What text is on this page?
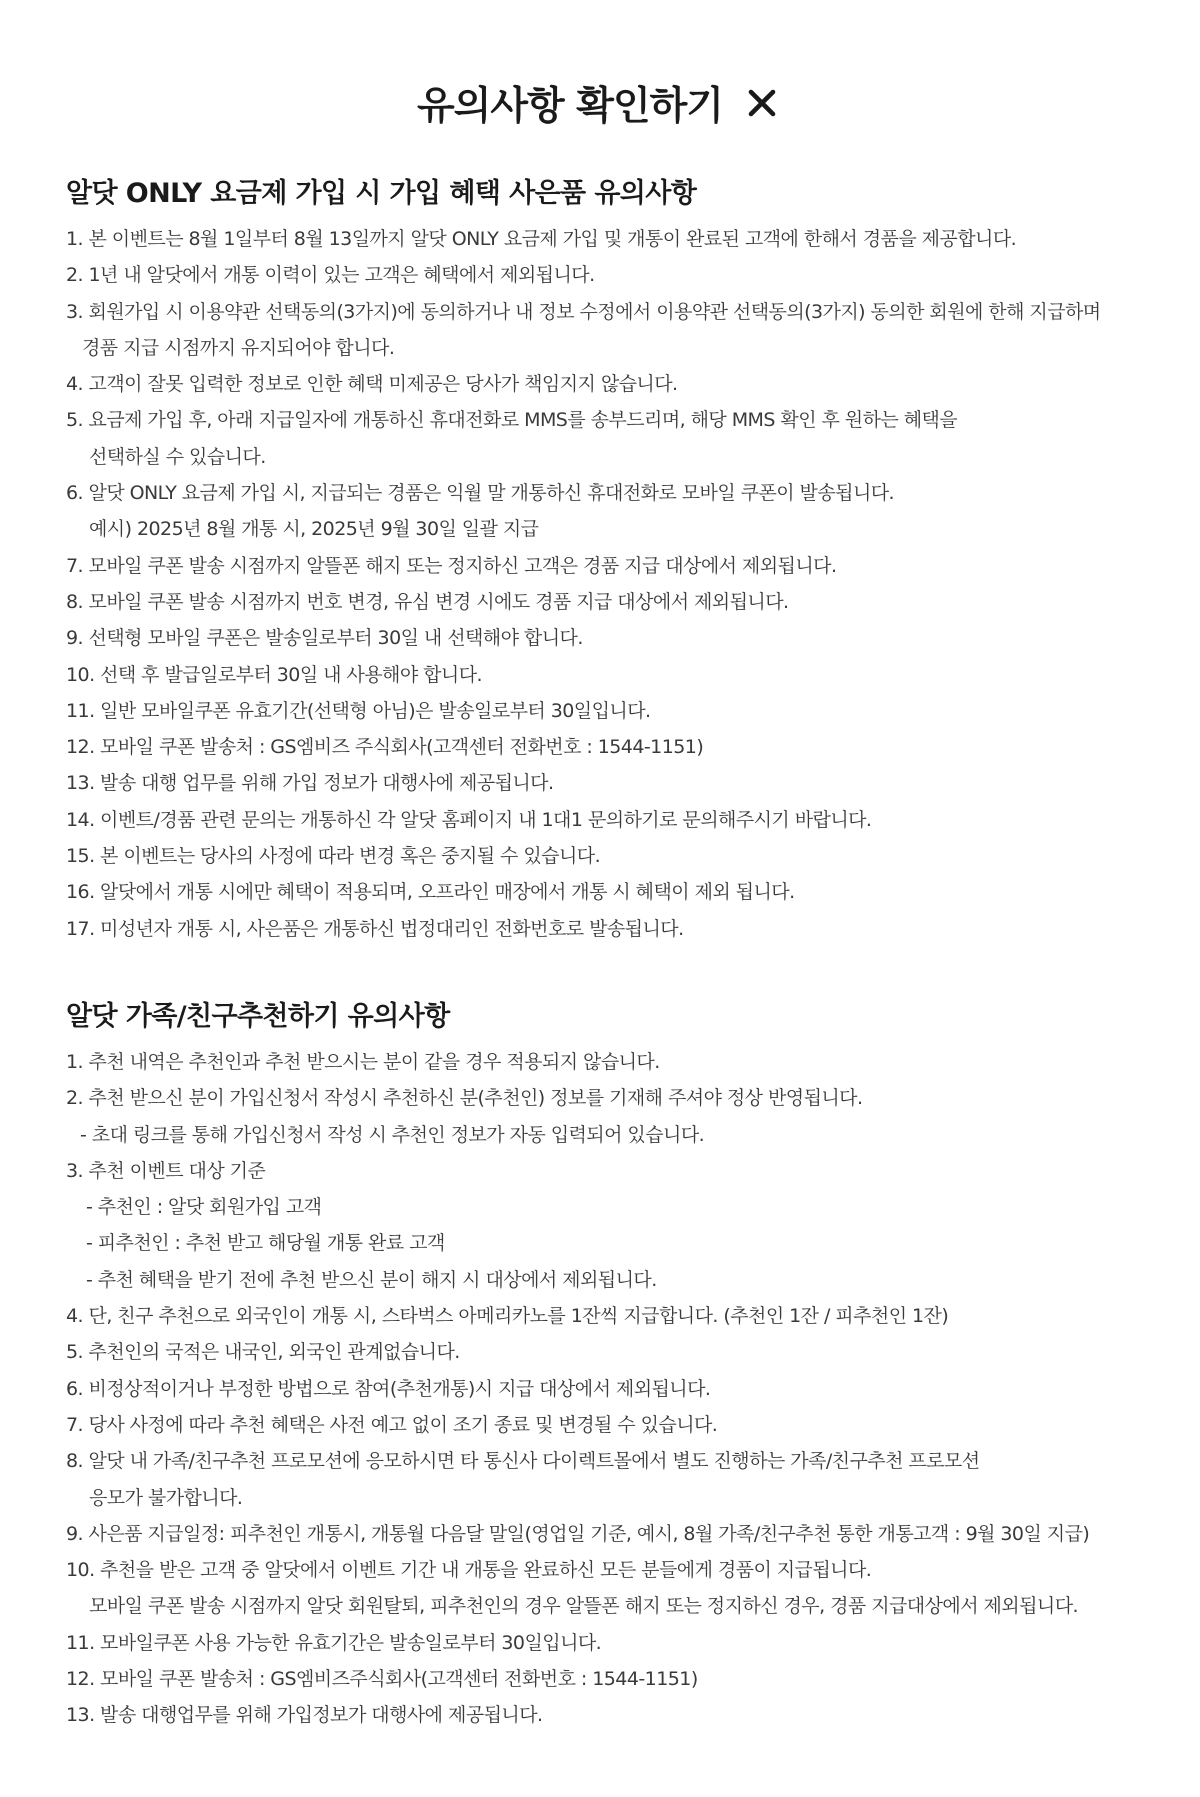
유의사항 확인하기
알닷 ONLY 요금제 가입 시 가입 혜택 사은품 유의사항
1. 본 이벤트는 8월 1일부터 8월 13일까지 알닷 ONLY 요금제 가입 및 개통이 완료된 고객에 한해서 경품을 제공합니다.
2. 1년 내 알닷에서 개통 이력이 있는 고객은 혜택에서 제외됩니다.
3. 회원가입 시 이용약관 선택동의(3가지)에 동의하거나 내 정보 수정에서 이용약관 선택동의(3가지) 동의한 회원에 한해 지급하며
경품 지급 시점까지 유지되어야 합니다.
4. 고객이 잘못 입력한 정보로 인한 혜택 미제공은 당사가 책임지지 않습니다.
5. 요금제 가입 후, 아래 지급일자에 개통하신 휴대전화로 MMS를 송부드리며, 해당 MMS 확인 후 원하는 혜택을
선택하실 수 있습니다.
6. 알닷 ONLY 요금제 가입 시, 지급되는 경품은 익월 말 개통하신 휴대전화로 모바일 쿠폰이 발송됩니다.
예시) 2025년 8월 개통 시, 2025년 9월 30일 일괄 지급
7. 모바일 쿠폰 발송 시점까지 알뜰폰 해지 또는 정지하신 고객은 경품 지급 대상에서 제외됩니다.
8. 모바일 쿠폰 발송 시점까지 번호 변경, 유심 변경 시에도 경품 지급 대상에서 제외됩니다.
9. 선택형 모바일 쿠폰은 발송일로부터 30일 내 선택해야 합니다.
10. 선택 후 발급일로부터 30일 내 사용해야 합니다.
11. 일반 모바일쿠폰 유효기간(선택형 아님)은 발송일로부터 30일입니다.
12. 모바일 쿠폰 발송처 : GS엠비즈 주식회사(고객센터 전화번호 : 1544-1151)
13. 발송 대행 업무를 위해 가입 정보가 대행사에 제공됩니다.
14. 이벤트/경품 관련 문의는 개통하신 각 알닷 홈페이지 내 1대1 문의하기로 문의해주시기 바랍니다.
15. 본 이벤트는 당사의 사정에 따라 변경 혹은 중지될 수 있습니다.
16. 알닷에서 개통 시에만 혜택이 적용되며, 오프라인 매장에서 개통 시 혜택이 제외 됩니다.
17. 미성년자 개통 시, 사은품은 개통하신 법정대리인 전화번호로 발송됩니다.
알닷 가족/친구추천하기 유의사항
1. 추천 내역은 추천인과 추천 받으시는 분이 같을 경우 적용되지 않습니다.
2. 추천 받으신 분이 가입신청서 작성시 추천하신 분(추천인) 정보를 기재해 주셔야 정상 반영됩니다.
- 초대 링크를 통해 가입신청서 작성 시 추천인 정보가 자동 입력되어 있습니다.
3. 추천 이벤트 대상 기준
- 추천인 : 알닷 회원가입 고객
- 피추천인 : 추천 받고 해당월 개통 완료 고객
- 추천 혜택을 받기 전에 추천 받으신 분이 해지 시 대상에서 제외됩니다.
4. 단, 친구 추천으로 외국인이 개통 시, 스타벅스 아메리카노를 1잔씩 지급합니다. (추천인 1잔 / 피추천인 1잔)
5. 추천인의 국적은 내국인, 외국인 관계없습니다.
6. 비정상적이거나 부정한 방법으로 참여(추천개통)시 지급 대상에서 제외됩니다.
7. 당사 사정에 따라 추천 혜택은 사전 예고 없이 조기 종료 및 변경될 수 있습니다.
8. 알닷 내 가족/친구추천 프로모션에 응모하시면 타 통신사 다이렉트몰에서 별도 진행하는 가족/친구추천 프로모션
응모가 불가합니다.
9. 사은품 지급일정: 피추천인 개통시, 개통월 다음달 말일(영업일 기준, 예시, 8월 가족/친구추천 통한 개통고객 : 9월 30일 지급)
10. 추천을 받은 고객 중 알닷에서 이벤트 기간 내 개통을 완료하신 모든 분들에게 경품이 지급됩니다.
모바일 쿠폰 발송 시점까지 알닷 회원탈퇴, 피추천인의 경우 알뜰폰 해지 또는 정지하신 경우, 경품 지급대상에서 제외됩니다.
11. 모바일쿠폰 사용 가능한 유효기간은 발송일로부터 30일입니다.
12. 모바일 쿠폰 발송처 : GS엠비즈주식회사(고객센터 전화번호 : 1544-1151)
13. 발송 대행업무를 위해 가입정보가 대행사에 제공됩니다.
